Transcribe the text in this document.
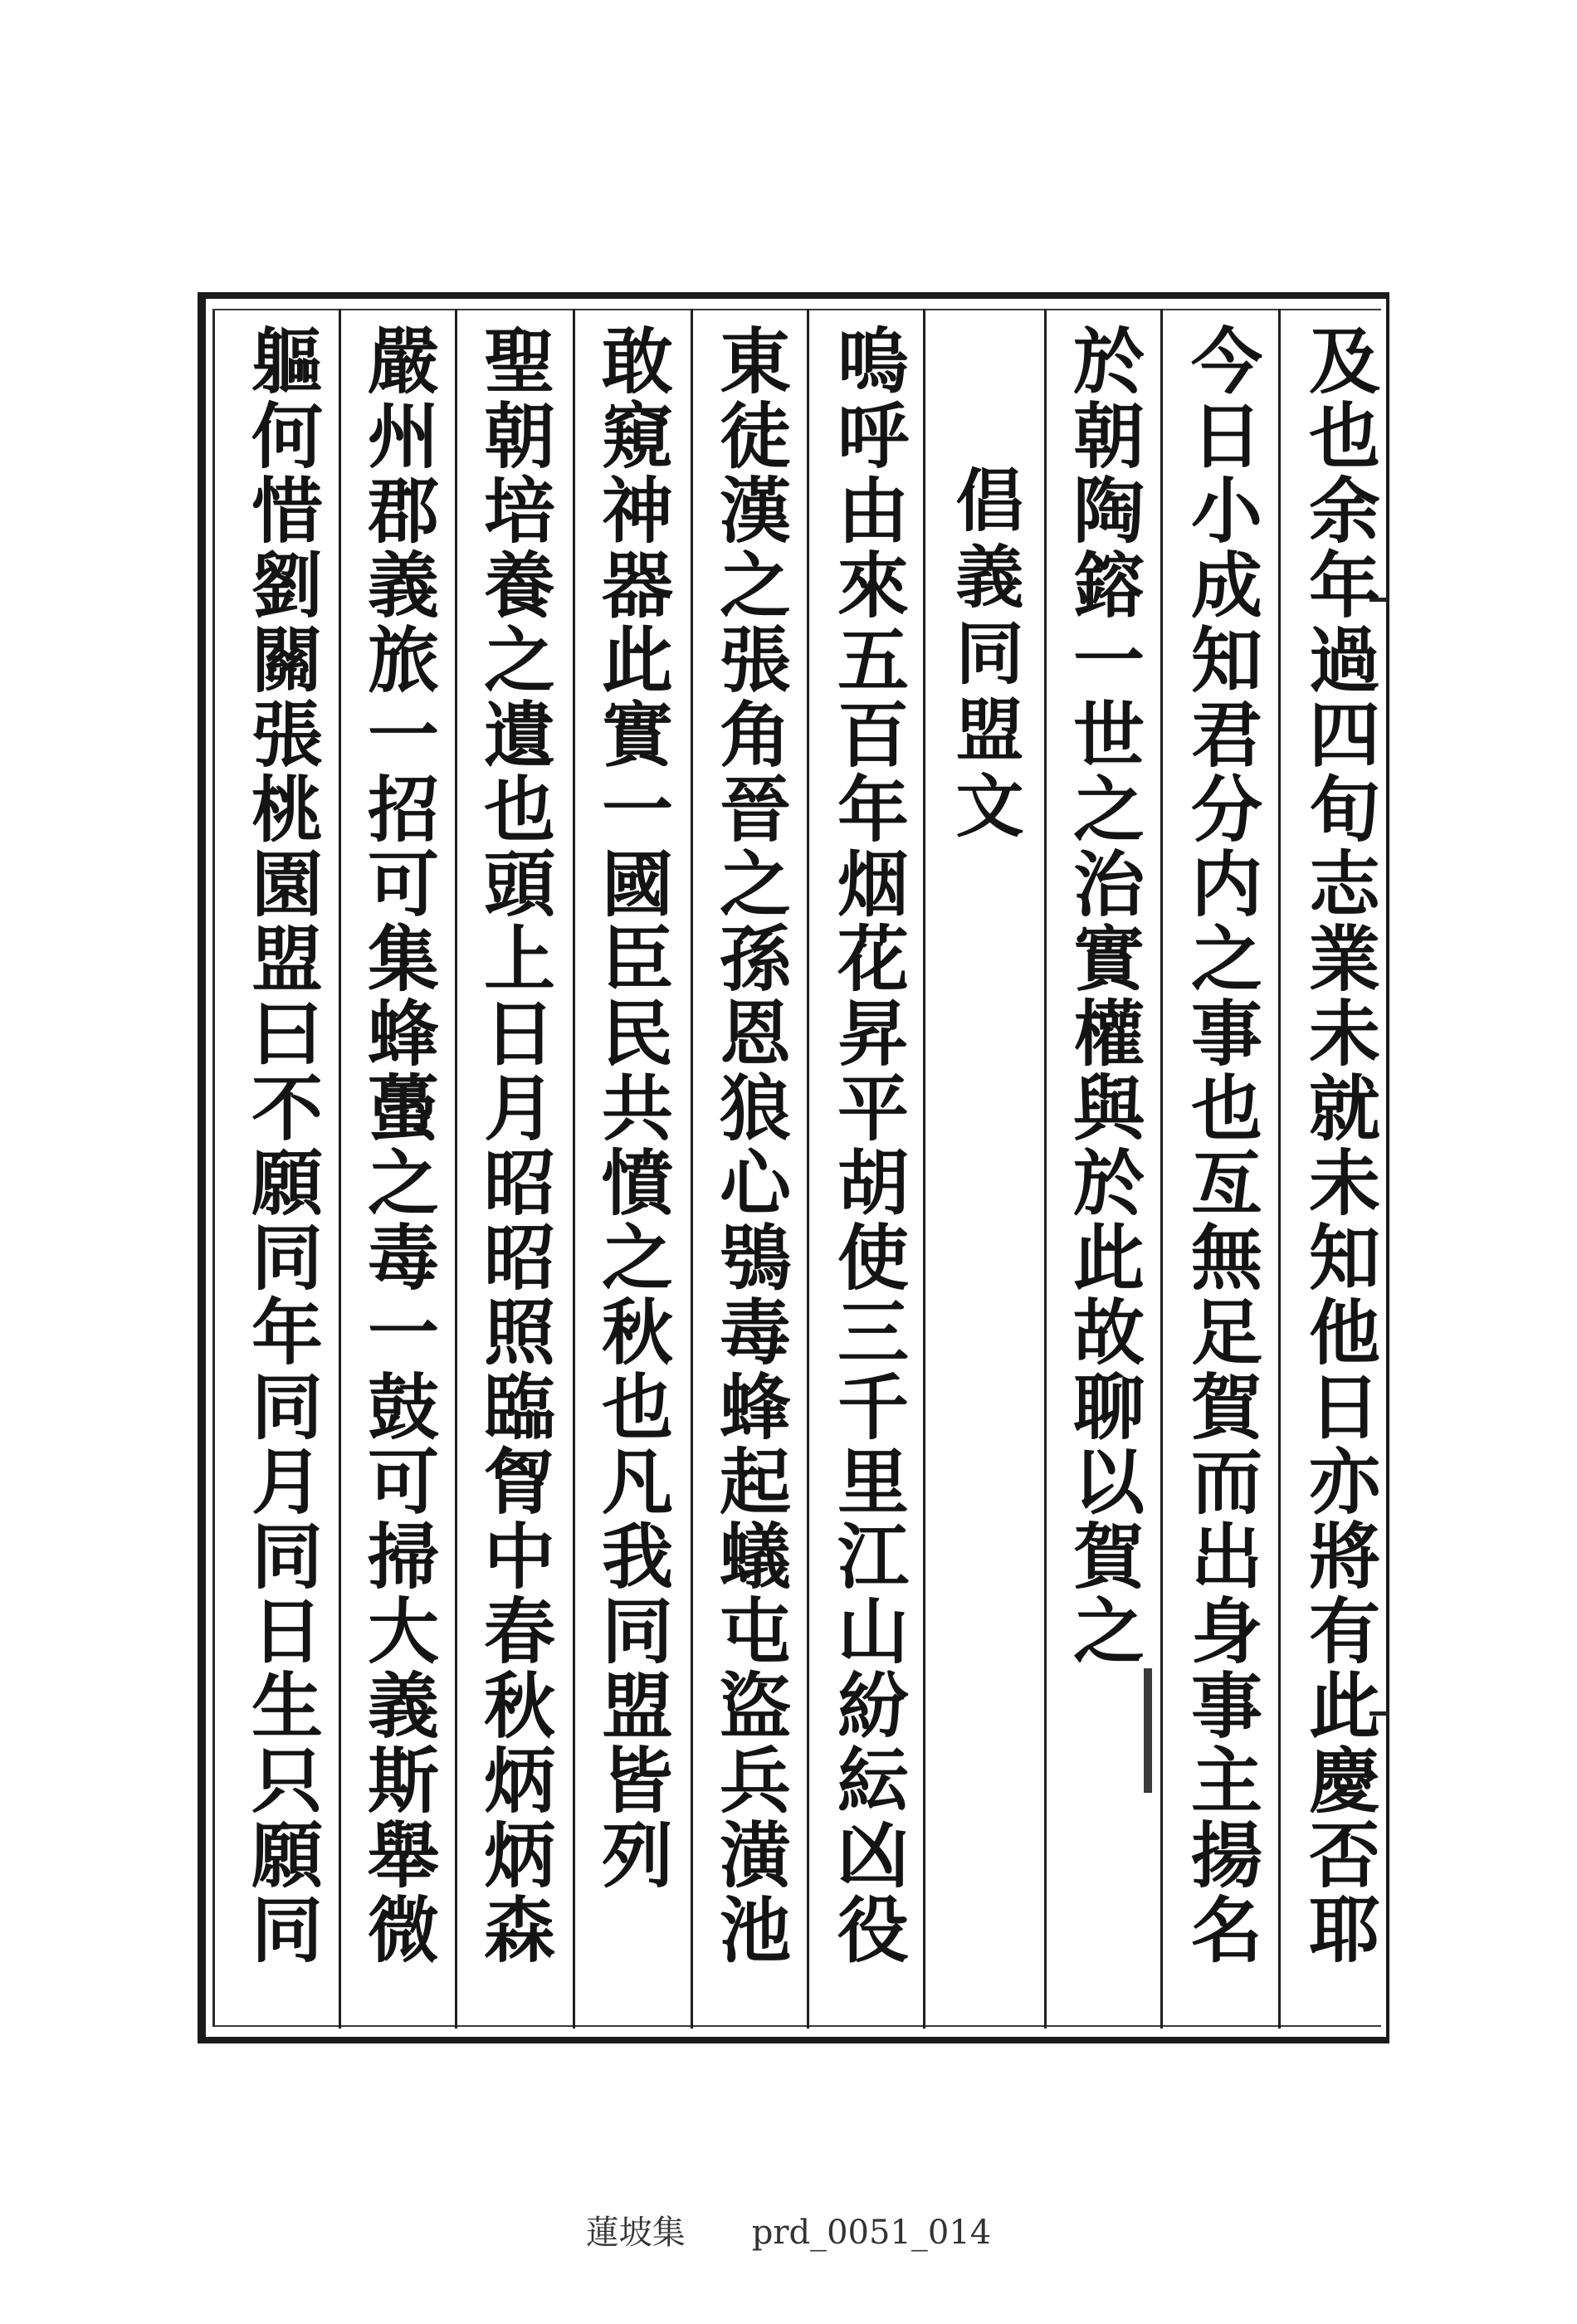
及也余年過四旬志業未就未知他日亦將有此慶否耶
今日小成知君分内之事也亙無足賀而出身事主揚名
於朝陶鎔一世之治實權與於此故聊以賀之
倡義同盟文
嗚呼由來五百年烟花昇平胡使三千里江山紛紜凶役
東徒漢之張角晉之孫恩狼心鴞毒蜂起蟻屯盜兵潢池
敢窺神器此實一國臣民共憤之秋也凡我同盟皆列
聖朝培養之遺也頭上日月昭昭照臨胷中春秋炳炳森
嚴州郡義旅一招可集蜂蠆之毒一鼓可掃大義斯舉微
軀何惜劉關張桃園盟曰不願同年同月同日生只願同
蓮坡集 prd_0051_014
